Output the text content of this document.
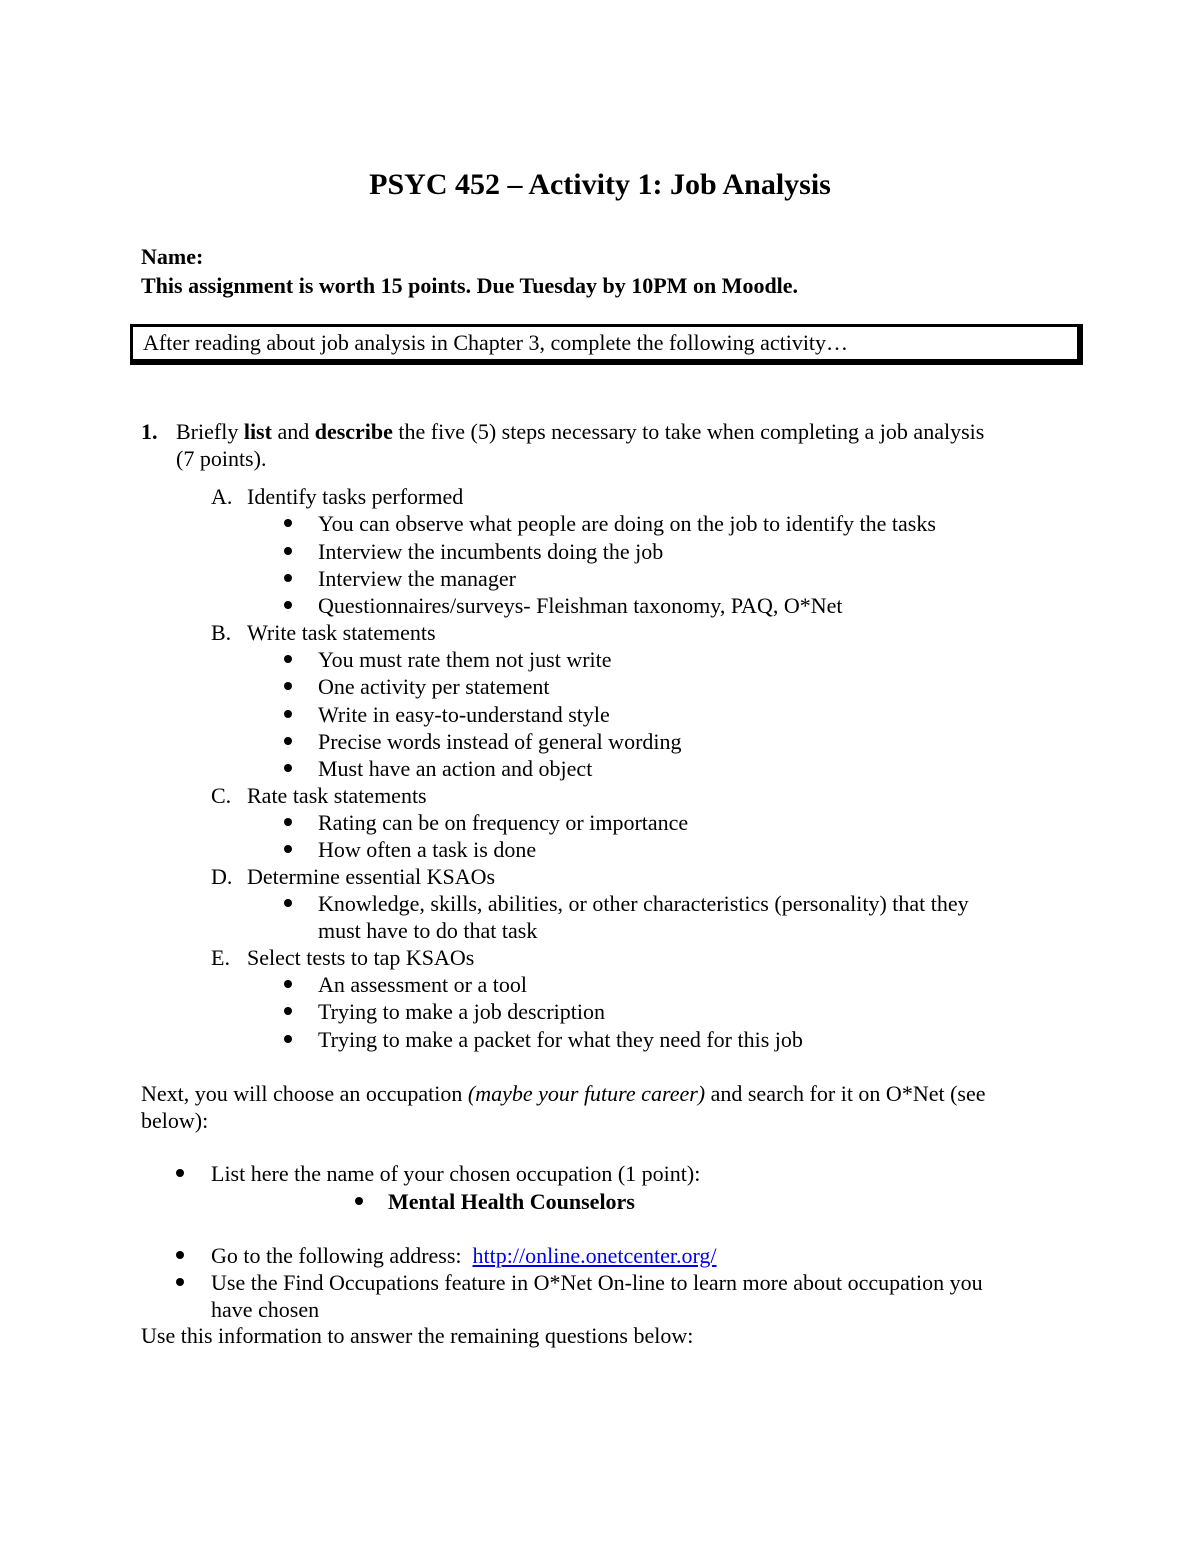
PSYC 452 – Activity 1: Job Analysis
Name:
This assignment is worth 15 points. Due Tuesday by 10PM on Moodle.
After reading about job analysis in Chapter 3, complete the following activity…
1. Briefly list and describe the five (5) steps necessary to take when completing a job analysis
(7 points).
A. Identify tasks performed
You can observe what people are doing on the job to identify the tasks
Interview the incumbents doing the job
Interview the manager
Questionnaires/surveys- Fleishman taxonomy, PAQ, O*Net
B. Write task statements
You must rate them not just write
One activity per statement
Write in easy-to-understand style
Precise words instead of general wording
Must have an action and object
C. Rate task statements
Rating can be on frequency or importance
How often a task is done
D. Determine essential KSAOs
Knowledge, skills, abilities, or other characteristics (personality) that they
must have to do that task
E. Select tests to tap KSAOs
An assessment or a tool
Trying to make a job description
Trying to make a packet for what they need for this job
Next, you will choose an occupation (maybe your future career) and search for it on O*Net (see
below):
List here the name of your chosen occupation (1 point):
Mental Health Counselors
Go to the following address:  http://online.onetcenter.org/
Use the Find Occupations feature in O*Net On-line to learn more about occupation you
have chosen
Use this information to answer the remaining questions below:
